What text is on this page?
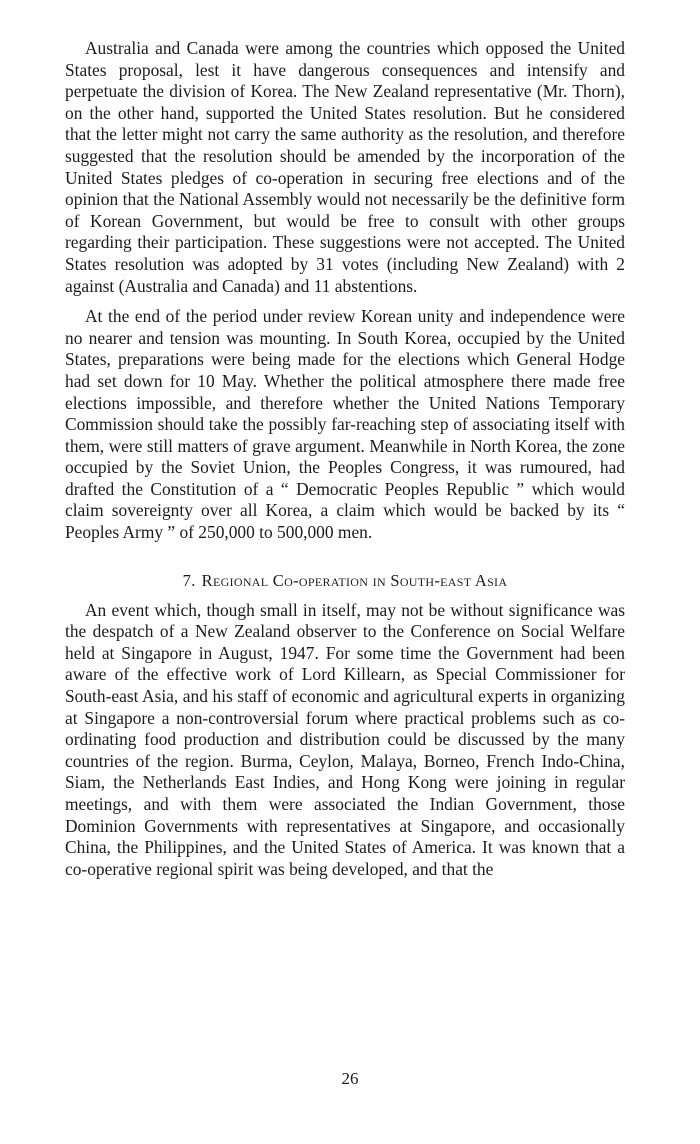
Australia and Canada were among the countries which opposed the United States proposal, lest it have dangerous consequences and intensify and perpetuate the division of Korea. The New Zealand representative (Mr. Thorn), on the other hand, supported the United States resolution. But he considered that the letter might not carry the same authority as the resolution, and therefore suggested that the resolution should be amended by the incorporation of the United States pledges of co-operation in securing free elections and of the opinion that the National Assembly would not necessarily be the definitive form of Korean Government, but would be free to consult with other groups regarding their participation. These suggestions were not accepted. The United States resolution was adopted by 31 votes (including New Zealand) with 2 against (Australia and Canada) and 11 abstentions.

At the end of the period under review Korean unity and independence were no nearer and tension was mounting. In South Korea, occupied by the United States, preparations were being made for the elections which General Hodge had set down for 10 May. Whether the political atmosphere there made free elections impossible, and therefore whether the United Nations Temporary Commission should take the possibly far-reaching step of associating itself with them, were still matters of grave argument. Meanwhile in North Korea, the zone occupied by the Soviet Union, the Peoples Congress, it was rumoured, had drafted the Constitution of a “ Democratic Peoples Republic ” which would claim sovereignty over all Korea, a claim which would be backed by its “ Peoples Army ” of 250,000 to 500,000 men.

7. Regional Co-operation in South-east Asia

An event which, though small in itself, may not be without significance was the despatch of a New Zealand observer to the Conference on Social Welfare held at Singapore in August, 1947. For some time the Government had been aware of the effective work of Lord Killearn, as Special Commissioner for South-east Asia, and his staff of economic and agricultural experts in organizing at Singapore a non-controversial forum where practical problems such as co-ordinating food production and distribution could be discussed by the many countries of the region. Burma, Ceylon, Malaya, Borneo, French Indo-China, Siam, the Netherlands East Indies, and Hong Kong were joining in regular meetings, and with them were associated the Indian Government, those Dominion Governments with representatives at Singapore, and occasionally China, the Philippines, and the United States of America. It was known that a co-operative regional spirit was being developed, and that the

26
